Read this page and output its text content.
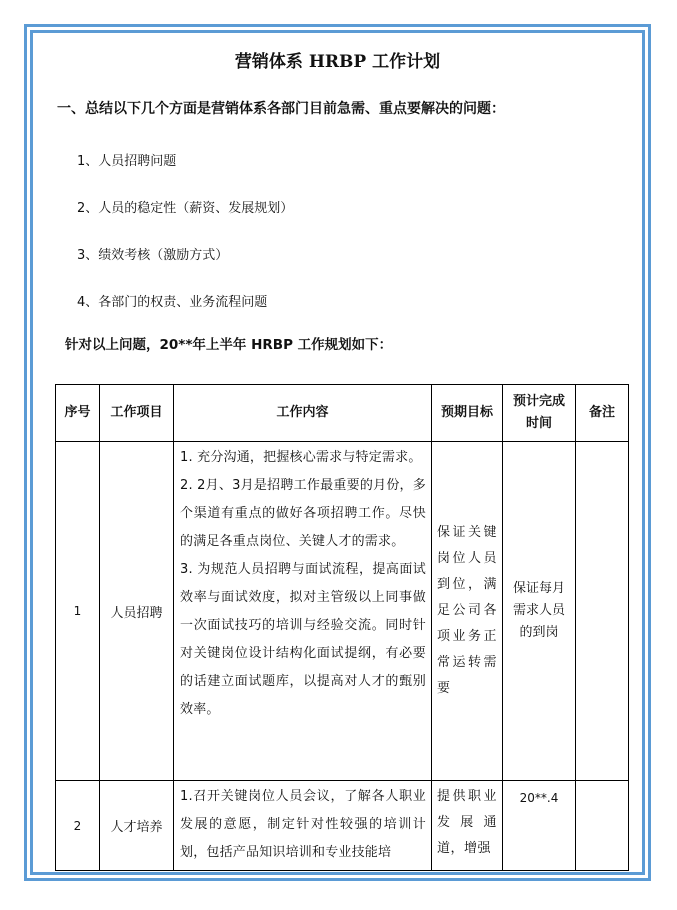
营销体系 HRBP 工作计划
一、总结以下几个方面是营销体系各部门目前急需、重点要解决的问题：
1、人员招聘问题
2、人员的稳定性（薪资、发展规划）
3、绩效考核（激励方式）
4、各部门的权责、业务流程问题
针对以上问题，20**年上半年 HRBP 工作规划如下：
序号	工作项目	工作内容	预期目标	预计完成时间	备注
1	人员招聘	1. 充分沟通，把握核心需求与特定需求。

2. 2月、3月是招聘工作最重要的月份，多个渠道有重点的做好各项招聘工作。尽快的满足各重点岗位、关键人才的需求。

3. 为规范人员招聘与面试流程，提高面试效率与面试效度，拟对主管级以上同事做一次面试技巧的培训与经验交流。同时针对关键岗位设计结构化面试提纲，有必要的话建立面试题库，以提高对人才的甄别效率。	保证关键岗位人员到位，满足公司各项业务正常运转需要	保证每月需求人员的到岗	
2	人才培养	1.召开关键岗位人员会议，了解各人职业发展的意愿，制定针对性较强的培训计划，包括产品知识培训和专业技能培	提供职业发展通道，增强	20**.4	
